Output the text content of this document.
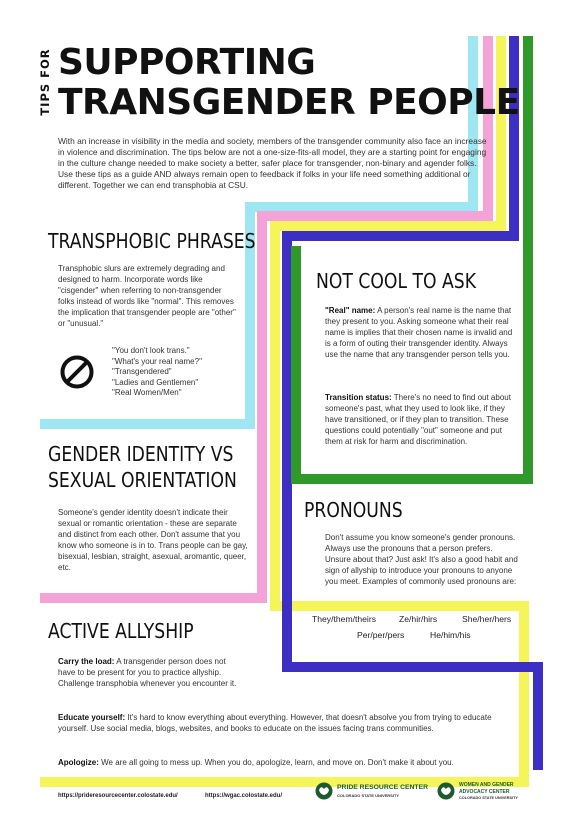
TIPS FOR SUPPORTING
TRANSGENDER PEOPLE
With an increase in visibility in the media and society, members of the transgender community also face an increase in violence and discrimination. The tips below are not a one-size-fits-all model, they are a starting point for engaging in the culture change needed to make society a better, safer place for transgender, non-binary and agender folks. Use these tips as a guide AND always remain open to feedback if folks in your life need something additional or different. Together we can end transphobia at CSU.
TRANSPHOBIC PHRASES
Transphobic slurs are extremely degrading and designed to harm. Incorporate words like "cisgender" when referring to non-transgender folks instead of words like "normal". This removes the implication that transgender people are "other" or "unusual."
"You don't look trans."
"What's your real name?"
"Transgendered"
"Ladies and Gentlemen"
"Real Women/Men"
NOT COOL TO ASK
"Real" name: A person's real name is the name that they present to you. Asking someone what their real name is implies that their chosen name is invalid and is a form of outing their transgender identity. Always use the name that any transgender person tells you.
Transition status: There's no need to find out about someone's past, what they used to look like, if they have transitioned, or if they plan to transition. These questions could potentially "out" someone and put them at risk for harm and discrimination.
GENDER IDENTITY VS
SEXUAL ORIENTATION
Someone's gender identity doesn't indicate their sexual or romantic orientation - these are separate and distinct from each other. Don't assume that you know who someone is in to. Trans people can be gay, bisexual, lesbian, straight, asexual, aromantic, queer, etc.
PRONOUNS
Don't assume you know someone's gender pronouns. Always use the pronouns that a person prefers. Unsure about that? Just ask! It's also a good habit and sign of allyship to introduce your pronouns to anyone you meet. Examples of commonly used pronouns are:
They/them/theirs	Ze/hir/hirs	She/her/hers
Per/per/pers	He/him/his
ACTIVE ALLYSHIP
Carry the load: A transgender person does not have to be present for you to practice allyship. Challenge transphobia whenever you encounter it.
Educate yourself: It's hard to know everything about everything. However, that doesn't absolve you from trying to educate yourself. Use social media, blogs, websites, and books to educate on the issues facing trans communities.
Apologize: We are all going to mess up. When you do, apologize, learn, and move on. Don't make it about you.
https://prideresourcecenter.colostate.edu/	https://wgac.colostate.edu/
PRIDE RESOURCE CENTER
COLORADO STATE UNIVERSITY
WOMEN AND GENDER
ADVOCACY CENTER
COLORADO STATE UNIVERSITY
